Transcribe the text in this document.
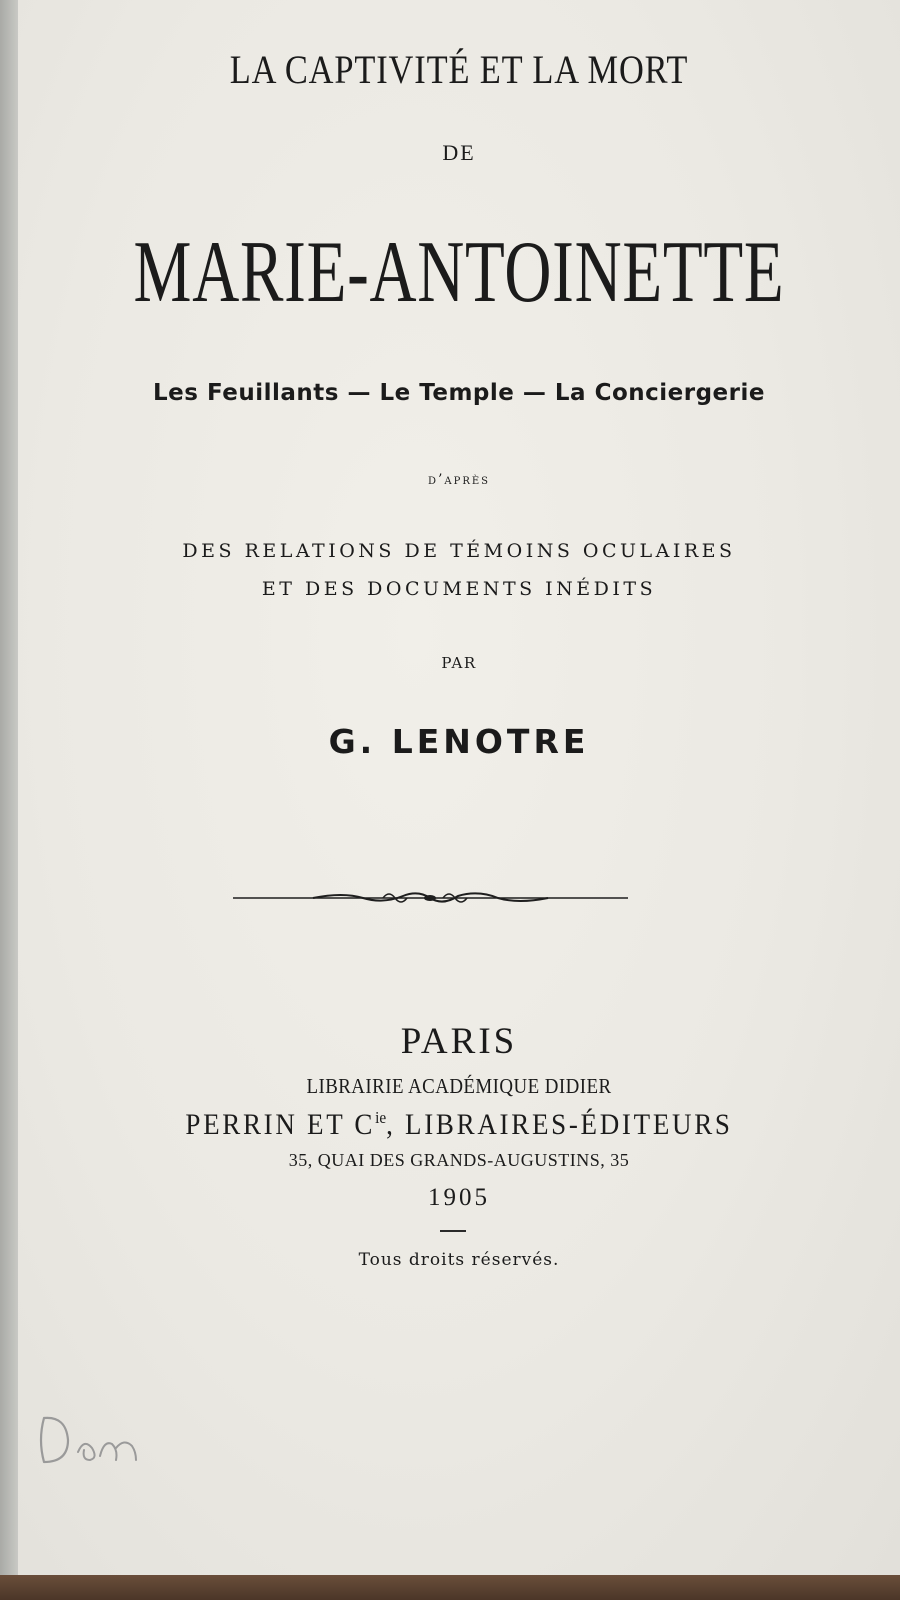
LA CAPTIVITÉ ET LA MORT
DE
MARIE-ANTOINETTE
Les Feuillants — Le Temple — La Conciergerie
d’après
DES RELATIONS DE TÉMOINS OCULAIRES
ET DES DOCUMENTS INÉDITS
PAR
G. LENOTRE
PARIS
LIBRAIRIE ACADÉMIQUE DIDIER
PERRIN ET $C^{ie}$, LIBRAIRES-ÉDITEURS
35, QUAI DES GRANDS-AUGUSTINS, 35
1905
Tous droits réservés.
